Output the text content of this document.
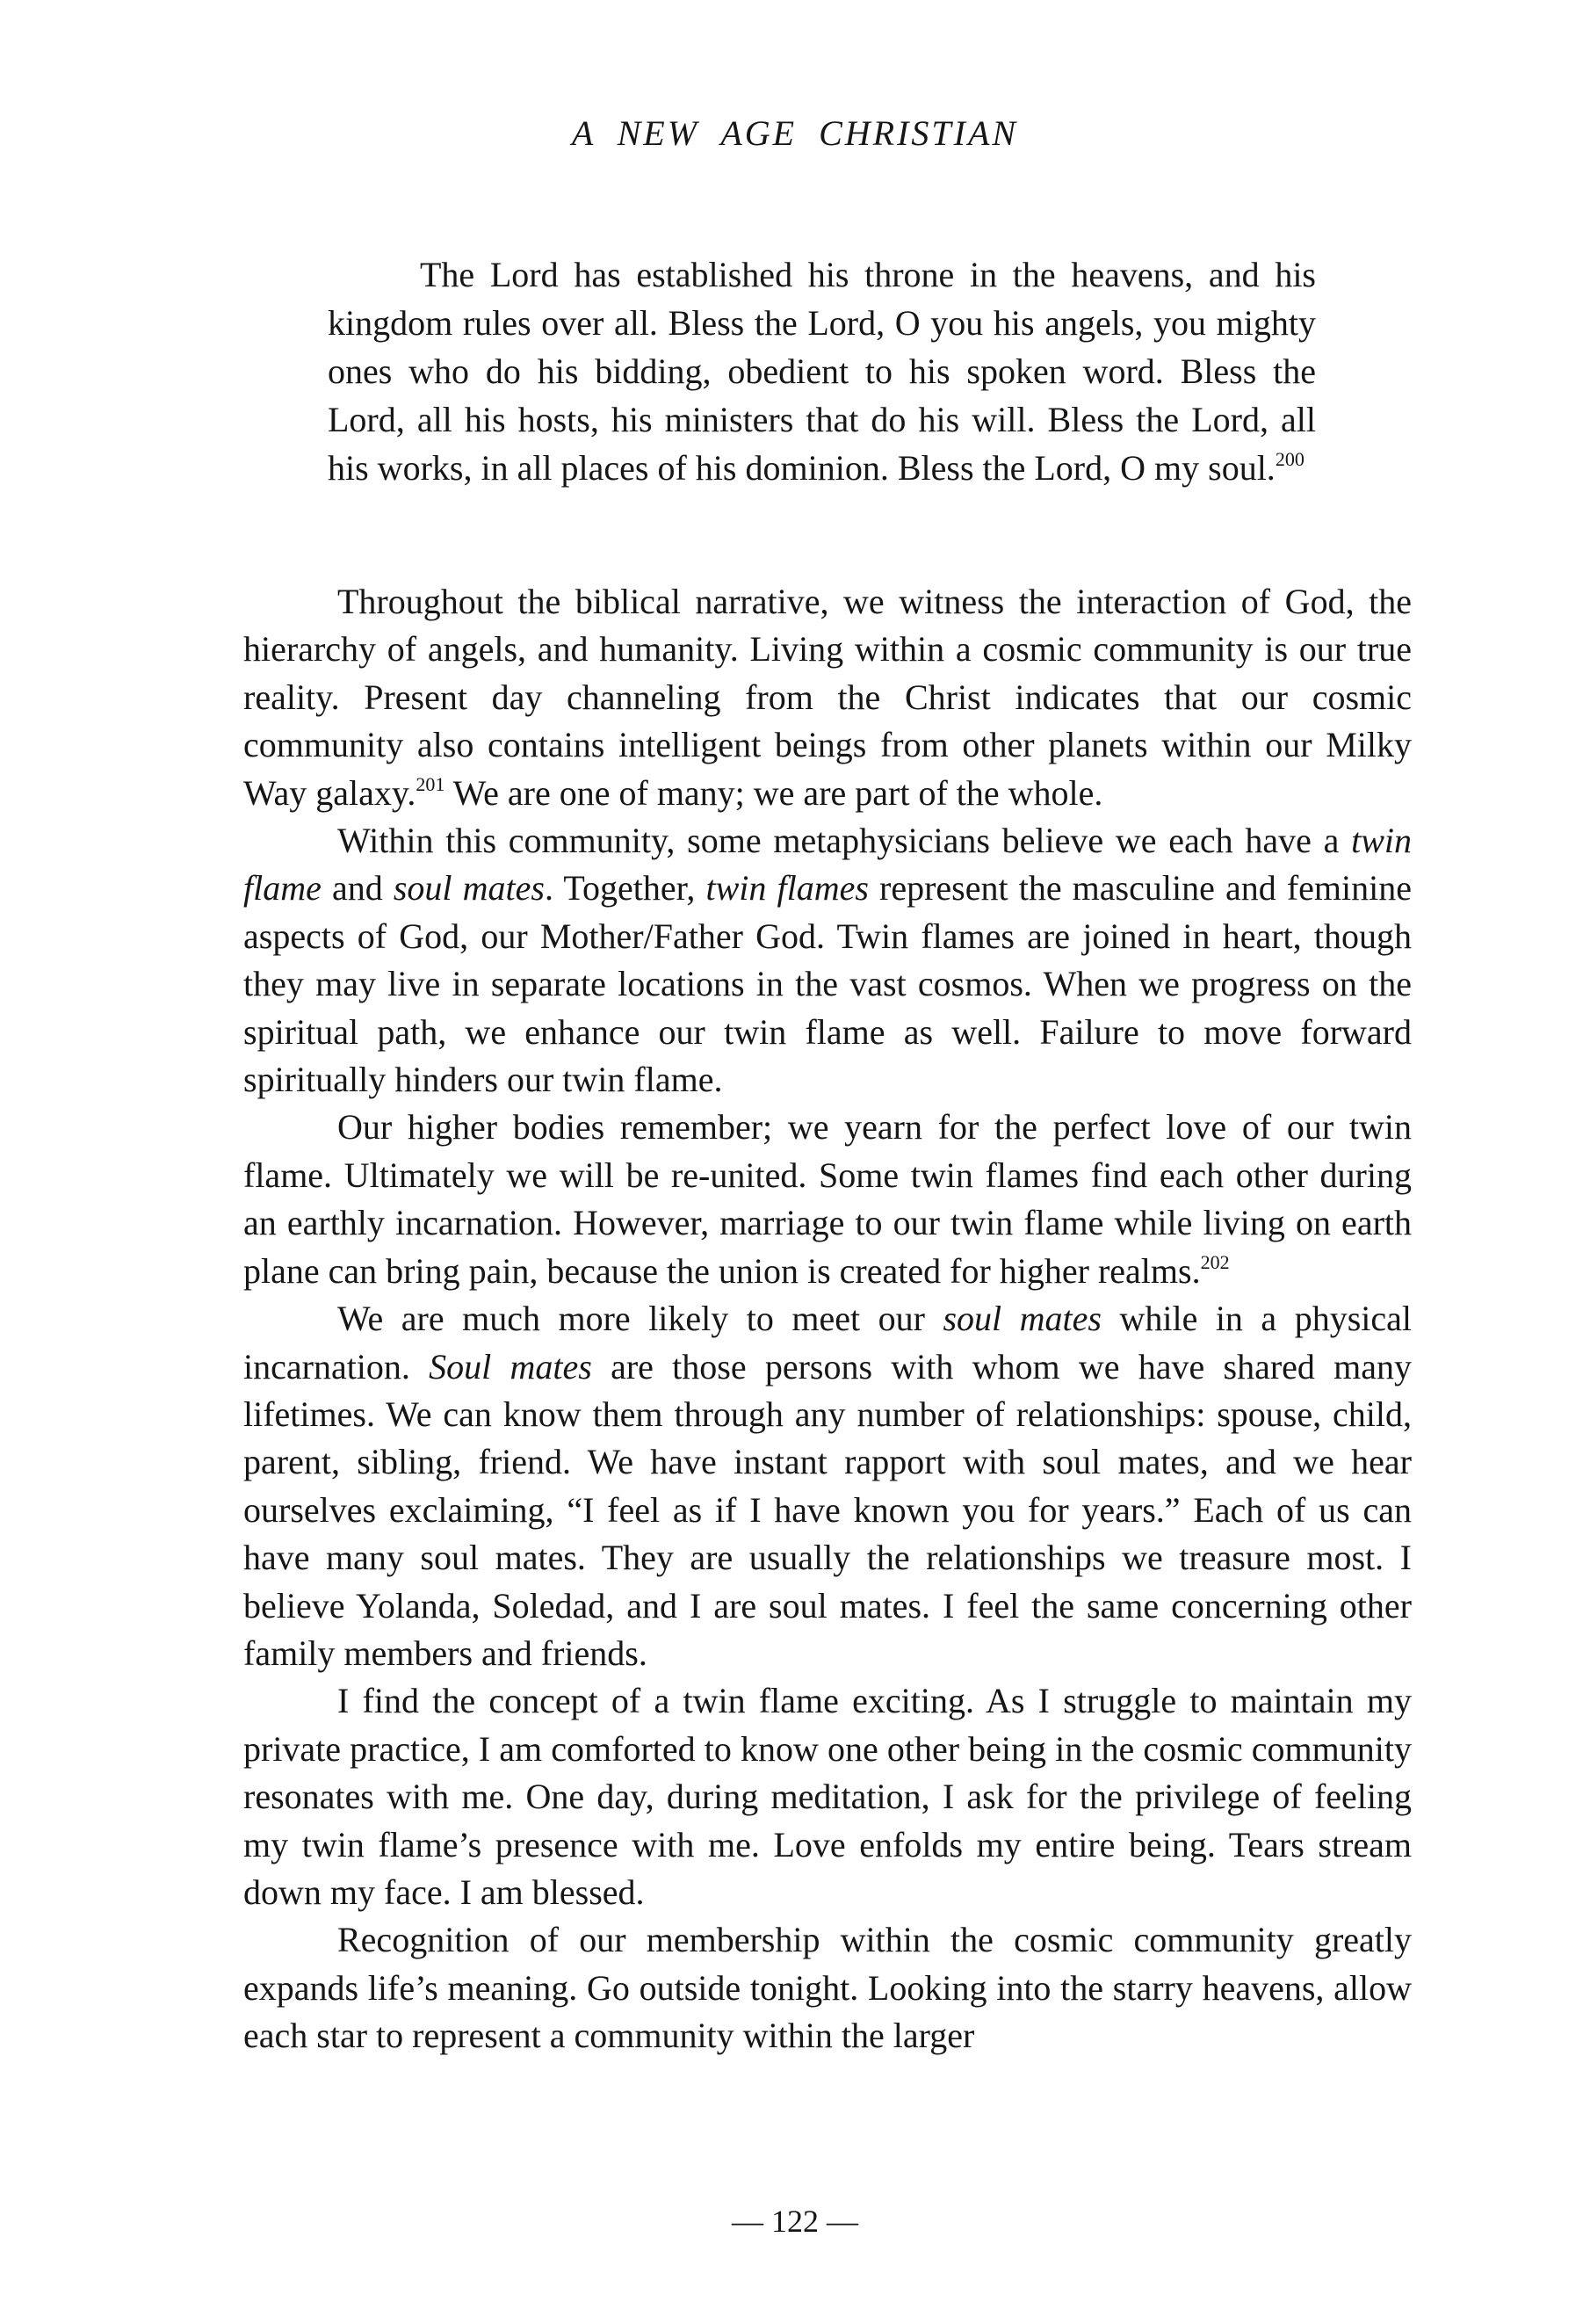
A NEW AGE CHRISTIAN

The Lord has established his throne in the heavens, and his kingdom rules over all. Bless the Lord, O you his angels, you mighty ones who do his bidding, obedient to his spoken word. Bless the Lord, all his hosts, his ministers that do his will. Bless the Lord, all his works, in all places of his dominion. Bless the Lord, O my soul.$^{200}$

Throughout the biblical narrative, we witness the interaction of God, the hierarchy of angels, and humanity. Living within a cosmic community is our true reality. Present day channeling from the Christ indicates that our cosmic community also contains intelligent beings from other planets within our Milky Way galaxy.$^{201}$ We are one of many; we are part of the whole.

Within this community, some metaphysicians believe we each have a twin flame and soul mates. Together, twin flames represent the masculine and feminine aspects of God, our Mother/Father God. Twin flames are joined in heart, though they may live in separate locations in the vast cosmos. When we progress on the spiritual path, we enhance our twin flame as well. Failure to move forward spiritually hinders our twin flame.

Our higher bodies remember; we yearn for the perfect love of our twin flame. Ultimately we will be re-united. Some twin flames find each other during an earthly incarnation. However, marriage to our twin flame while living on earth plane can bring pain, because the union is created for higher realms.$^{202}$

We are much more likely to meet our soul mates while in a physical incarnation. Soul mates are those persons with whom we have shared many lifetimes. We can know them through any number of relationships: spouse, child, parent, sibling, friend. We have instant rapport with soul mates, and we hear ourselves exclaiming, “I feel as if I have known you for years.” Each of us can have many soul mates. They are usually the relationships we treasure most. I believe Yolanda, Soledad, and I are soul mates. I feel the same concerning other family members and friends.

I find the concept of a twin flame exciting. As I struggle to maintain my private practice, I am comforted to know one other being in the cosmic community resonates with me. One day, during meditation, I ask for the privilege of feeling my twin flame’s presence with me. Love enfolds my entire being. Tears stream down my face. I am blessed.

Recognition of our membership within the cosmic community greatly expands life’s meaning. Go outside tonight. Looking into the starry heavens, allow each star to represent a community within the larger

— 122 —
